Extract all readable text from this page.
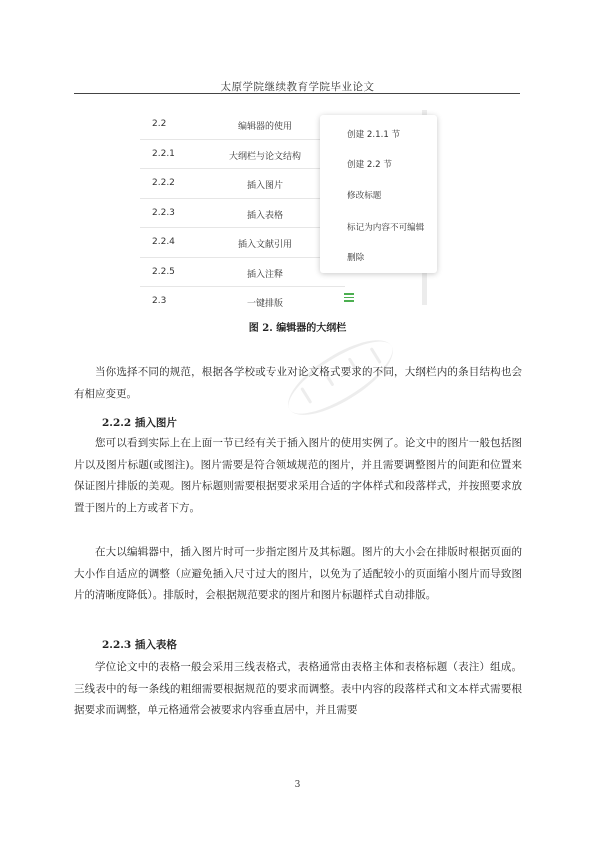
太原学院继续教育学院毕业论文
2.2	编辑器的使用
2.2.1	大纲栏与论文结构
2.2.2	插入图片
2.2.3	插入表格
2.2.4	插入文献引用
2.2.5	插入注释
2.3	一键排版
创建 2.1.1 节
创建 2.2 节
修改标题
标记为内容不可编辑
删除
图 2. 编辑器的大纲栏

当你选择不同的规范，根据各学校或专业对论文格式要求的不同，大纲栏内的条目结构也会有相应变更。

2.2.2 插入图片

您可以看到实际上在上面一节已经有关于插入图片的使用实例了。论文中的图片一般包括图片以及图片标题(或图注)。图片需要是符合领域规范的图片，并且需要调整图片的间距和位置来保证图片排版的美观。图片标题则需要根据要求采用合适的字体样式和段落样式，并按照要求放置于图片的上方或者下方。

在大以编辑器中，插入图片时可一步指定图片及其标题。图片的大小会在排版时根据页面的大小作自适应的调整（应避免插入尺寸过大的图片，以免为了适配较小的页面缩小图片而导致图片的清晰度降低）。排版时，会根据规范要求的图片和图片标题样式自动排版。

2.2.3 插入表格

学位论文中的表格一般会采用三线表格式，表格通常由表格主体和表格标题（表注）组成。三线表中的每一条线的粗细需要根据规范的要求而调整。表中内容的段落样式和文本样式需要根据要求而调整，单元格通常会被要求内容垂直居中，并且需要

3
